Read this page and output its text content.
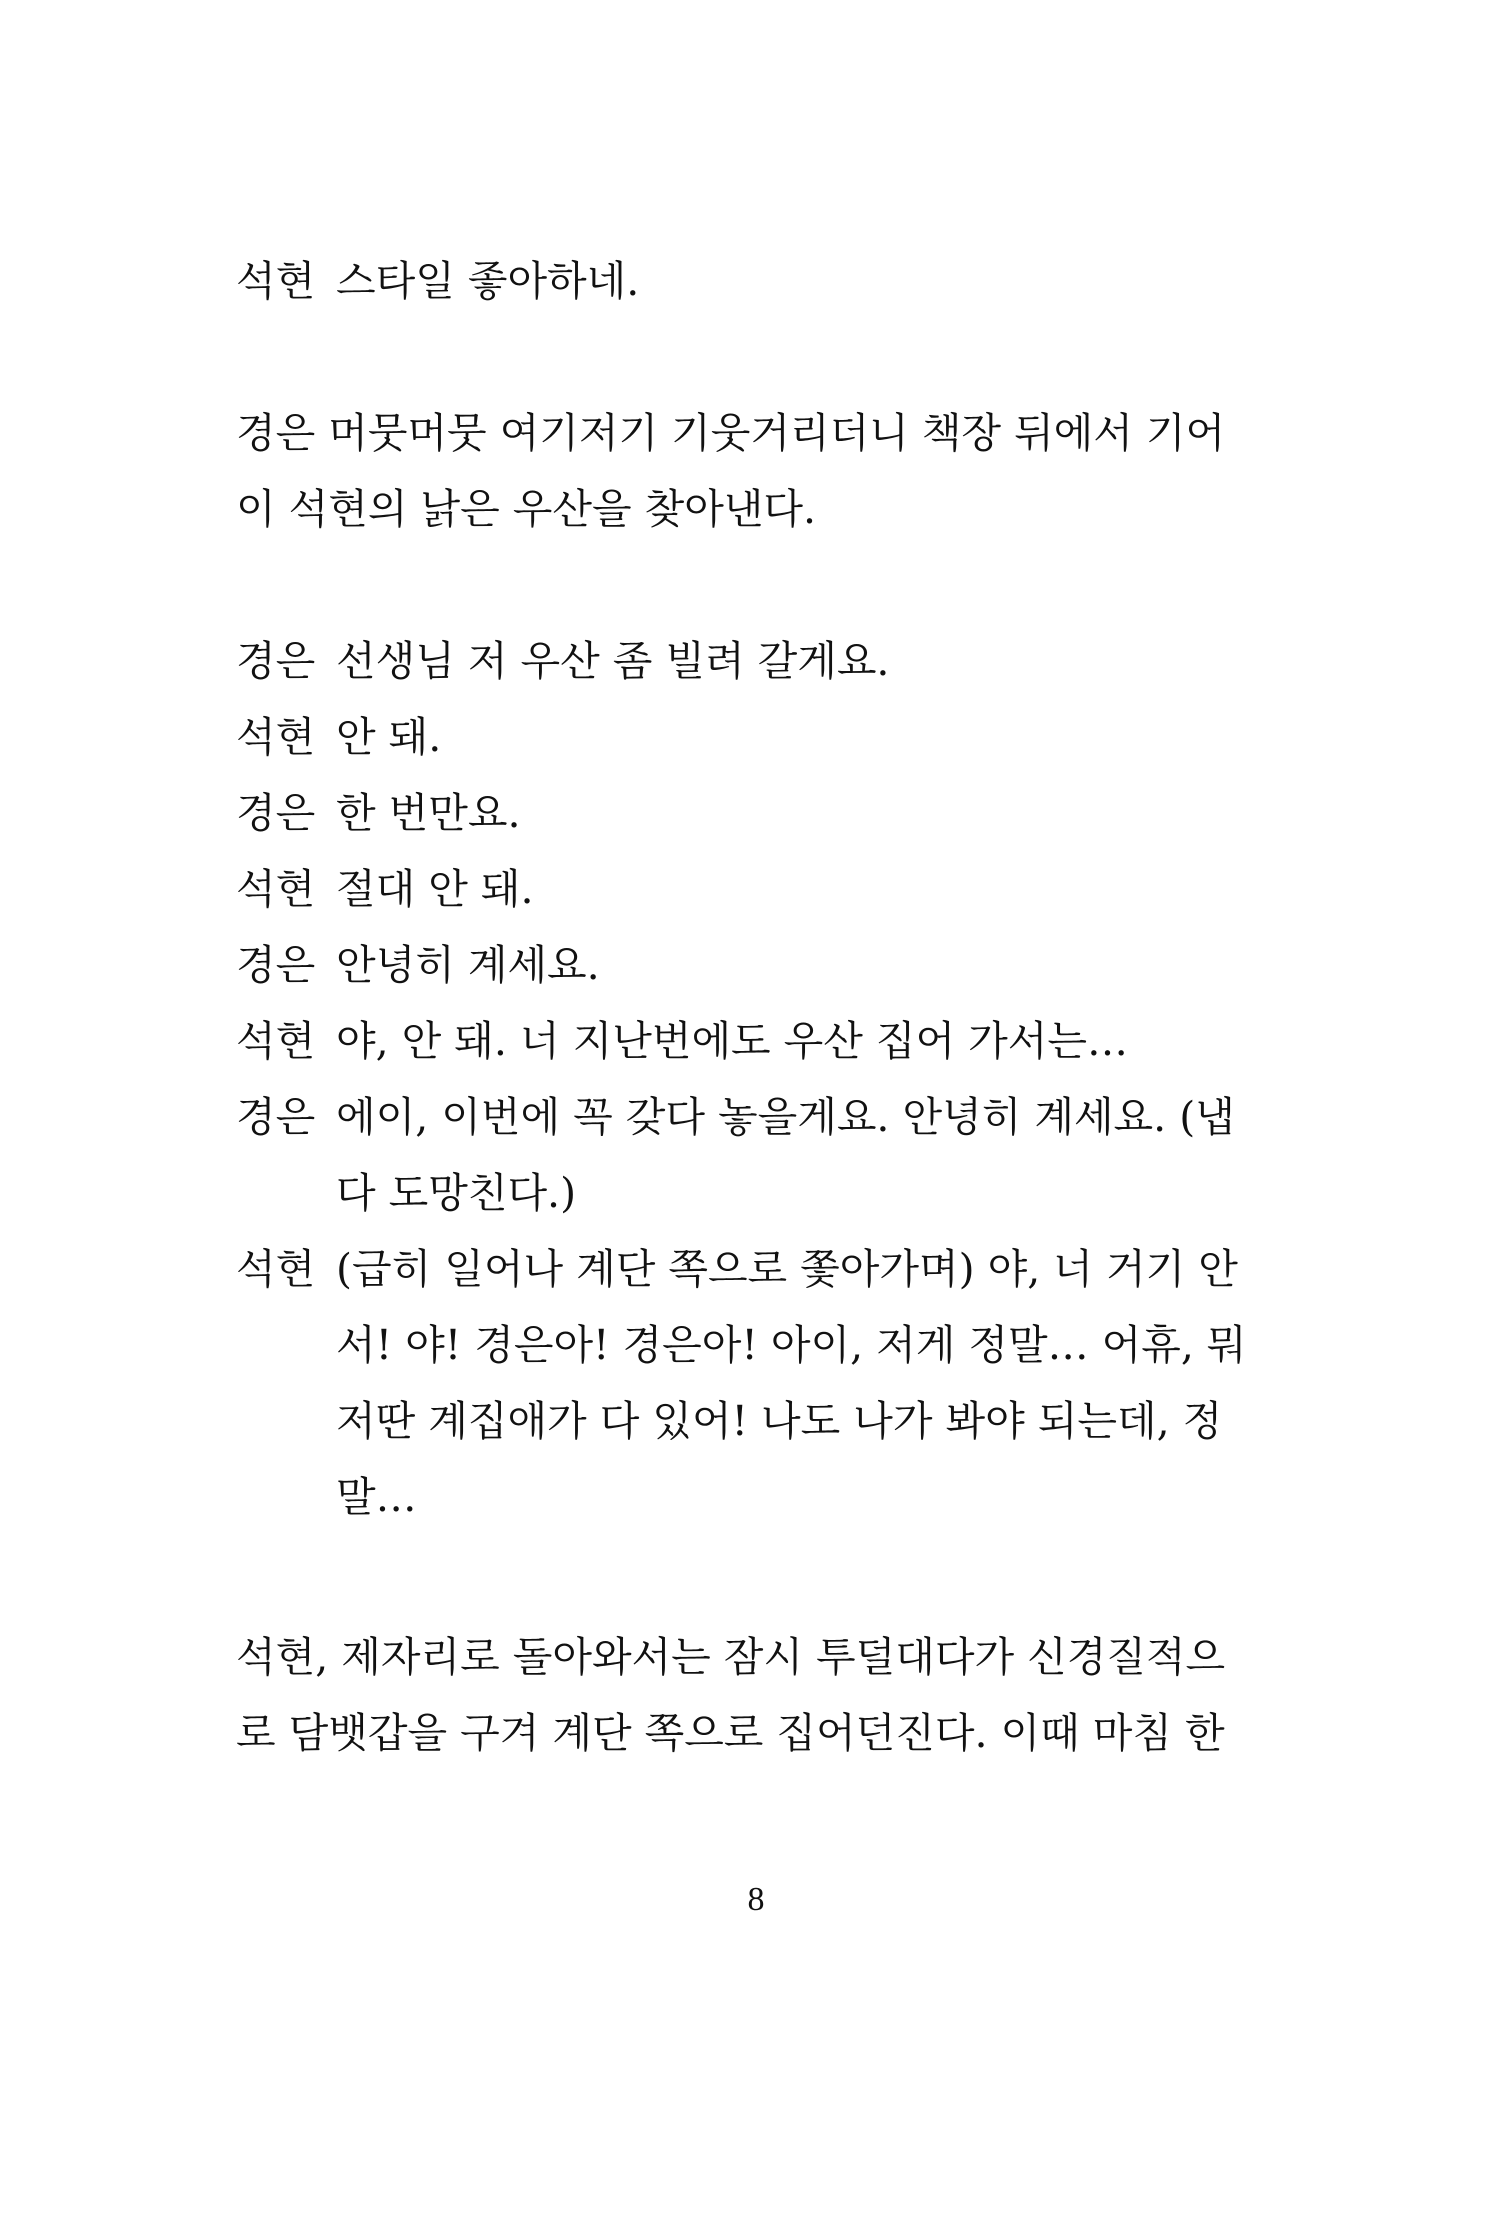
석현 스타일 좋아하네.
경은 머뭇머뭇 여기저기 기웃거리더니 책장 뒤에서 기어
이 석현의 낡은 우산을 찾아낸다.
경은 선생님 저 우산 좀 빌려 갈게요.
석현 안 돼.
경은 한 번만요.
석현 절대 안 돼.
경은 안녕히 계세요.
석현 야, 안 돼. 너 지난번에도 우산 집어 가서는…
경은 에이, 이번에 꼭 갖다 놓을게요. 안녕히 계세요. (냅
다 도망친다.)
석현 (급히 일어나 계단 쪽으로 쫓아가며) 야, 너 거기 안
서! 야! 경은아! 경은아! 아이, 저게 정말… 어휴, 뭐
저딴 계집애가 다 있어! 나도 나가 봐야 되는데, 정
말…
석현, 제자리로 돌아와서는 잠시 투덜대다가 신경질적으
로 담뱃갑을 구겨 계단 쪽으로 집어던진다. 이때 마침 한
8
